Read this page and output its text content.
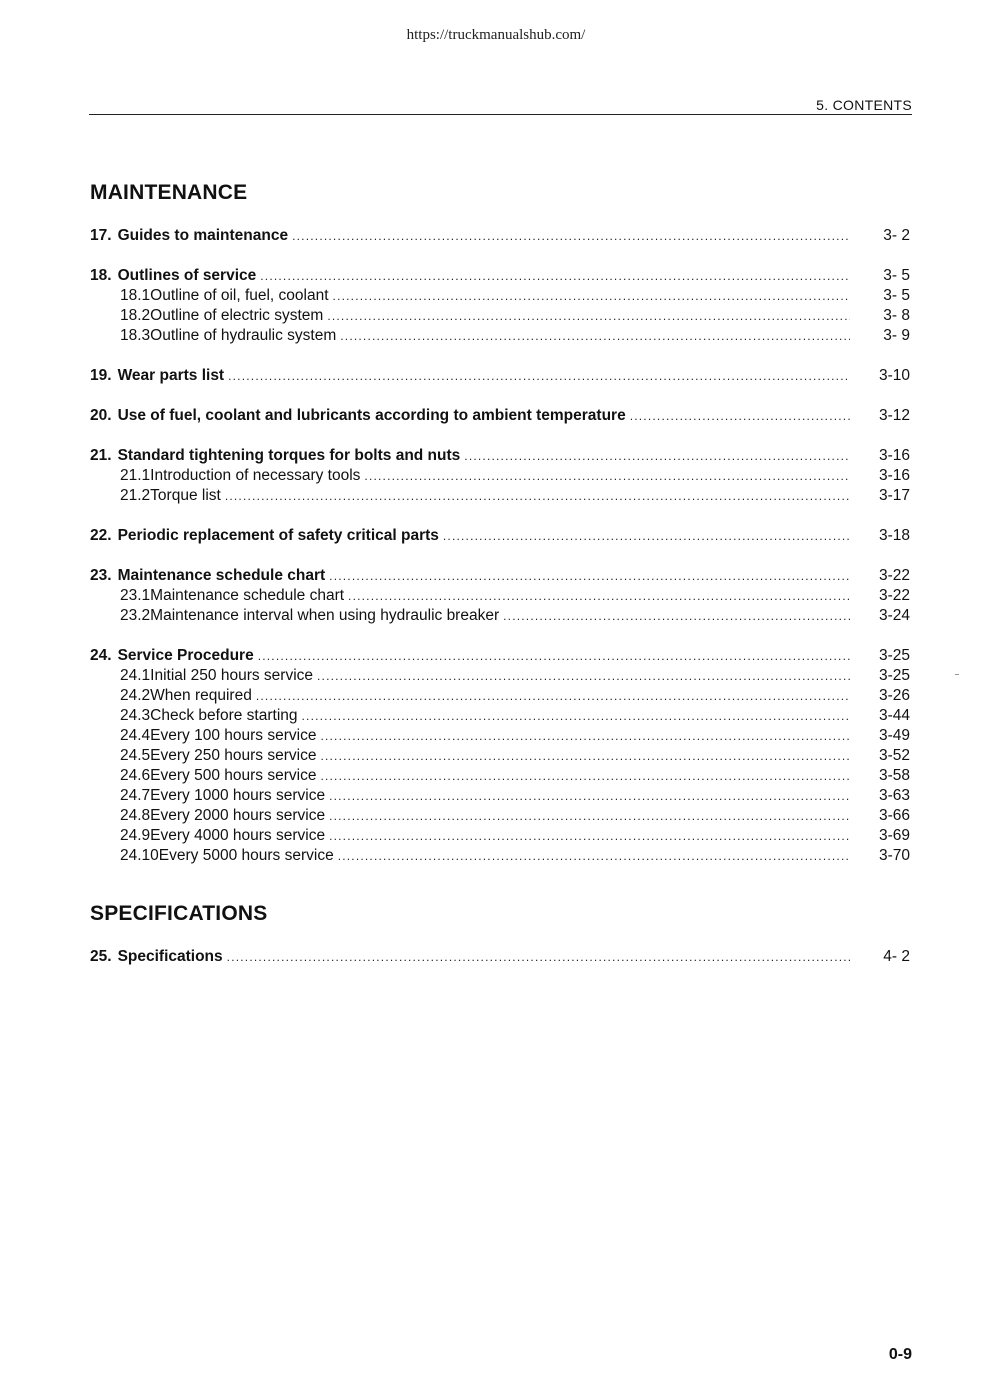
https://truckmanualshub.com/
5. CONTENTS
MAINTENANCE
17. Guides to maintenance .....	3- 2
18. Outlines of service .....	3- 5
18.1 Outline of oil, fuel, coolant .....	3- 5
18.2 Outline of electric system .....	3- 8
18.3 Outline of hydraulic system .....	3- 9
19. Wear parts list .....	3-10
20. Use of fuel, coolant and lubricants according to ambient temperature .....	3-12
21. Standard tightening torques for bolts and nuts .....	3-16
21.1 Introduction of necessary tools .....	3-16
21.2 Torque list .....	3-17
22. Periodic replacement of safety critical parts .....	3-18
23. Maintenance schedule chart .....	3-22
23.1 Maintenance schedule chart .....	3-22
23.2 Maintenance interval when using hydraulic breaker .....	3-24
24. Service Procedure .....	3-25
24.1 Initial 250 hours service .....	3-25
24.2 When required .....	3-26
24.3 Check before starting .....	3-44
24.4 Every 100 hours service .....	3-49
24.5 Every 250 hours service .....	3-52
24.6 Every 500 hours service .....	3-58
24.7 Every 1000 hours service .....	3-63
24.8 Every 2000 hours service .....	3-66
24.9 Every 4000 hours service .....	3-69
24.10 Every 5000 hours service .....	3-70
SPECIFICATIONS
25. Specifications .....	4- 2
0-9
